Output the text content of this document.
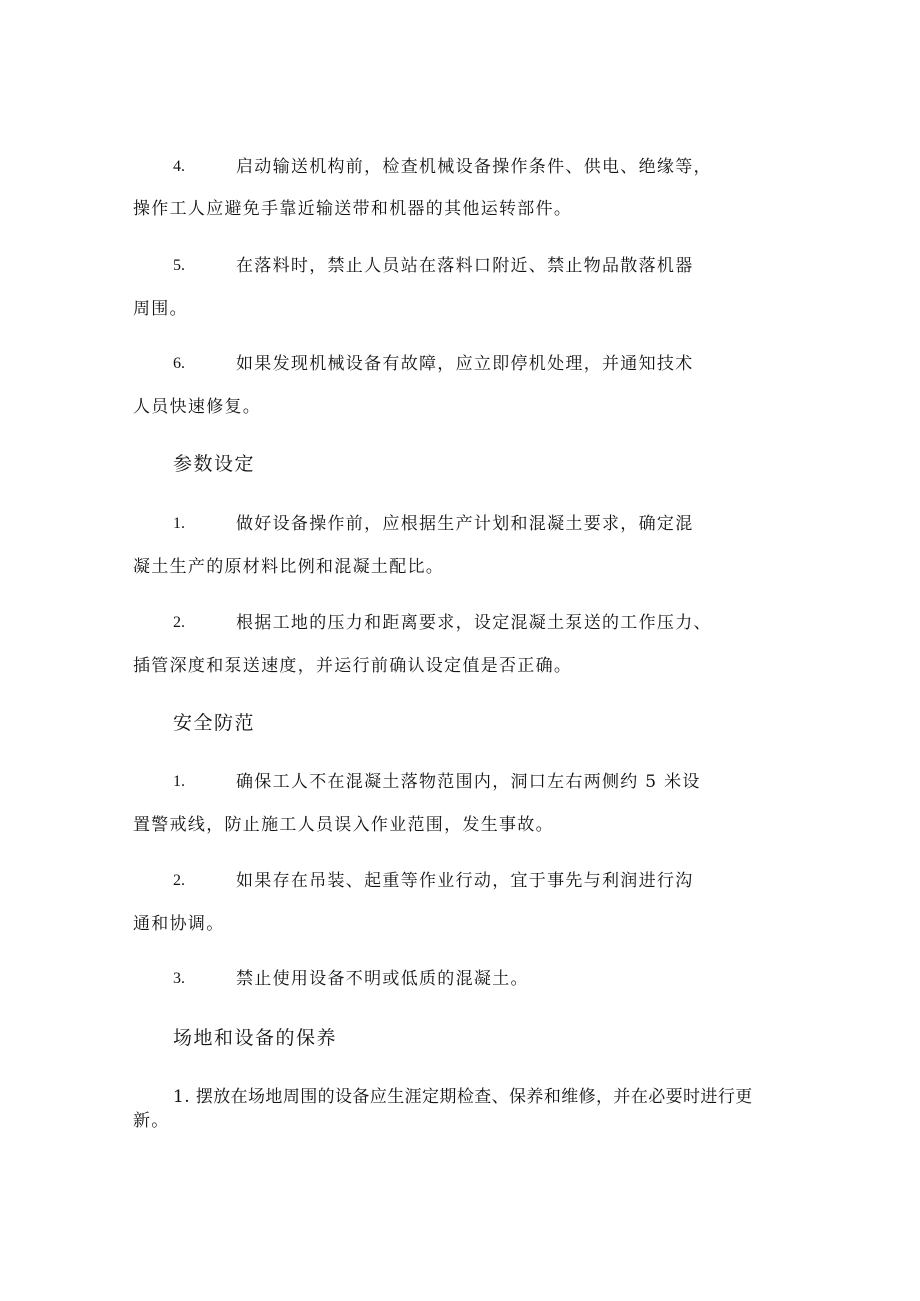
4.	启动输送机构前，检查机械设备操作条件、供电、绝缘等，
操作工人应避免手靠近输送带和机器的其他运转部件。
5.	在落料时，禁止人员站在落料口附近、禁止物品散落机器
周围。
6.	如果发现机械设备有故障，应立即停机处理，并通知技术
人员快速修复。
参数设定
1.	做好设备操作前，应根据生产计划和混凝土要求，确定混
凝土生产的原材料比例和混凝土配比。
2.	根据工地的压力和距离要求，设定混凝土泵送的工作压力、
插管深度和泵送速度，并运行前确认设定值是否正确。
安全防范
1.	确保工人不在混凝土落物范围内，洞口左右两侧约 5 米设
置警戒线，防止施工人员误入作业范围，发生事故。
2.	如果存在吊装、起重等作业行动，宜于事先与利润进行沟
通和协调。
3.	禁止使用设备不明或低质的混凝土。
场地和设备的保养
1. 摆放在场地周围的设备应生涯定期检查、保养和维修，并在必要时进行更
新。
